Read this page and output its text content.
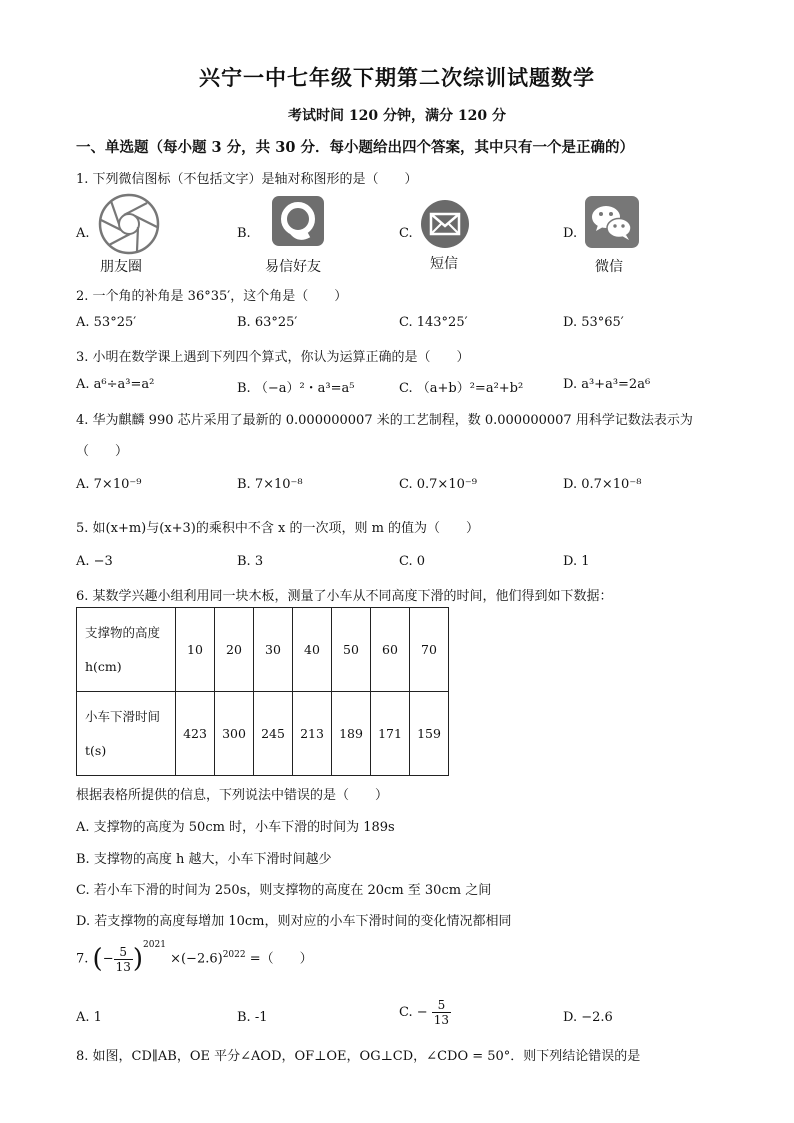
兴宁一中七年级下期第二次综训试题数学
考试时间 120 分钟，满分 120 分
一、单选题（每小题 3 分，共 30 分．每小题给出四个答案，其中只有一个是正确的）
1. 下列微信图标（不包括文字）是轴对称图形的是（　　）
A.
朋友圈
B.
易信好友
C.
短信
D.
微信
2. 一个角的补角是 36°35′，这个角是（　　）
A. 53°25′	B. 63°25′	C. 143°25′	D. 53°65′
3. 小明在数学课上遇到下列四个算式，你认为运算正确的是（　　）
A. a⁶÷a³=a²	B. （−a）²・a³=a⁵	C. （a+b）²=a²+b²	D. a³+a³=2a⁶
4. 华为麒麟 990 芯片采用了最新的 0.000000007 米的工艺制程，数 0.000000007 用科学记数法表示为
（　　）
A. 7×10⁻⁹	B. 7×10⁻⁸	C. 0.7×10⁻⁹	D. 0.7×10⁻⁸
5. 如(x+m)与(x+3)的乘积中不含 x 的一次项，则 m 的值为（　　）
A. −3	B. 3	C. 0	D. 1
6. 某数学兴趣小组利用同一块木板，测量了小车从不同高度下滑的时间，他们得到如下数据：
支撑物的高度
h(cm)	10	20	30	40	50	60	70

小车下滑时间
t(s)	423	300	245	213	189	171	159
根据表格所提供的信息，下列说法中错误的是（　　）
A. 支撑物的高度为 50cm 时，小车下滑的时间为 189s
B. 支撑物的高度 h 越大，小车下滑时间越少
C. 若小车下滑的时间为 250s，则支撑物的高度在 20cm 至 30cm 之间
D. 若支撑物的高度每增加 10cm，则对应的小车下滑时间的变化情况都相同
7. (− $\frac{5}{13} )^{2021} \times(-2.6)^{2022}$ =（　　）
A. 1	B. -1	C. − $\frac{5}{13}$	D. −2.6
8. 如图，CD∥AB，OE 平分∠AOD，OF⊥OE，OG⊥CD，∠CDO = 50°．则下列结论错误的是
